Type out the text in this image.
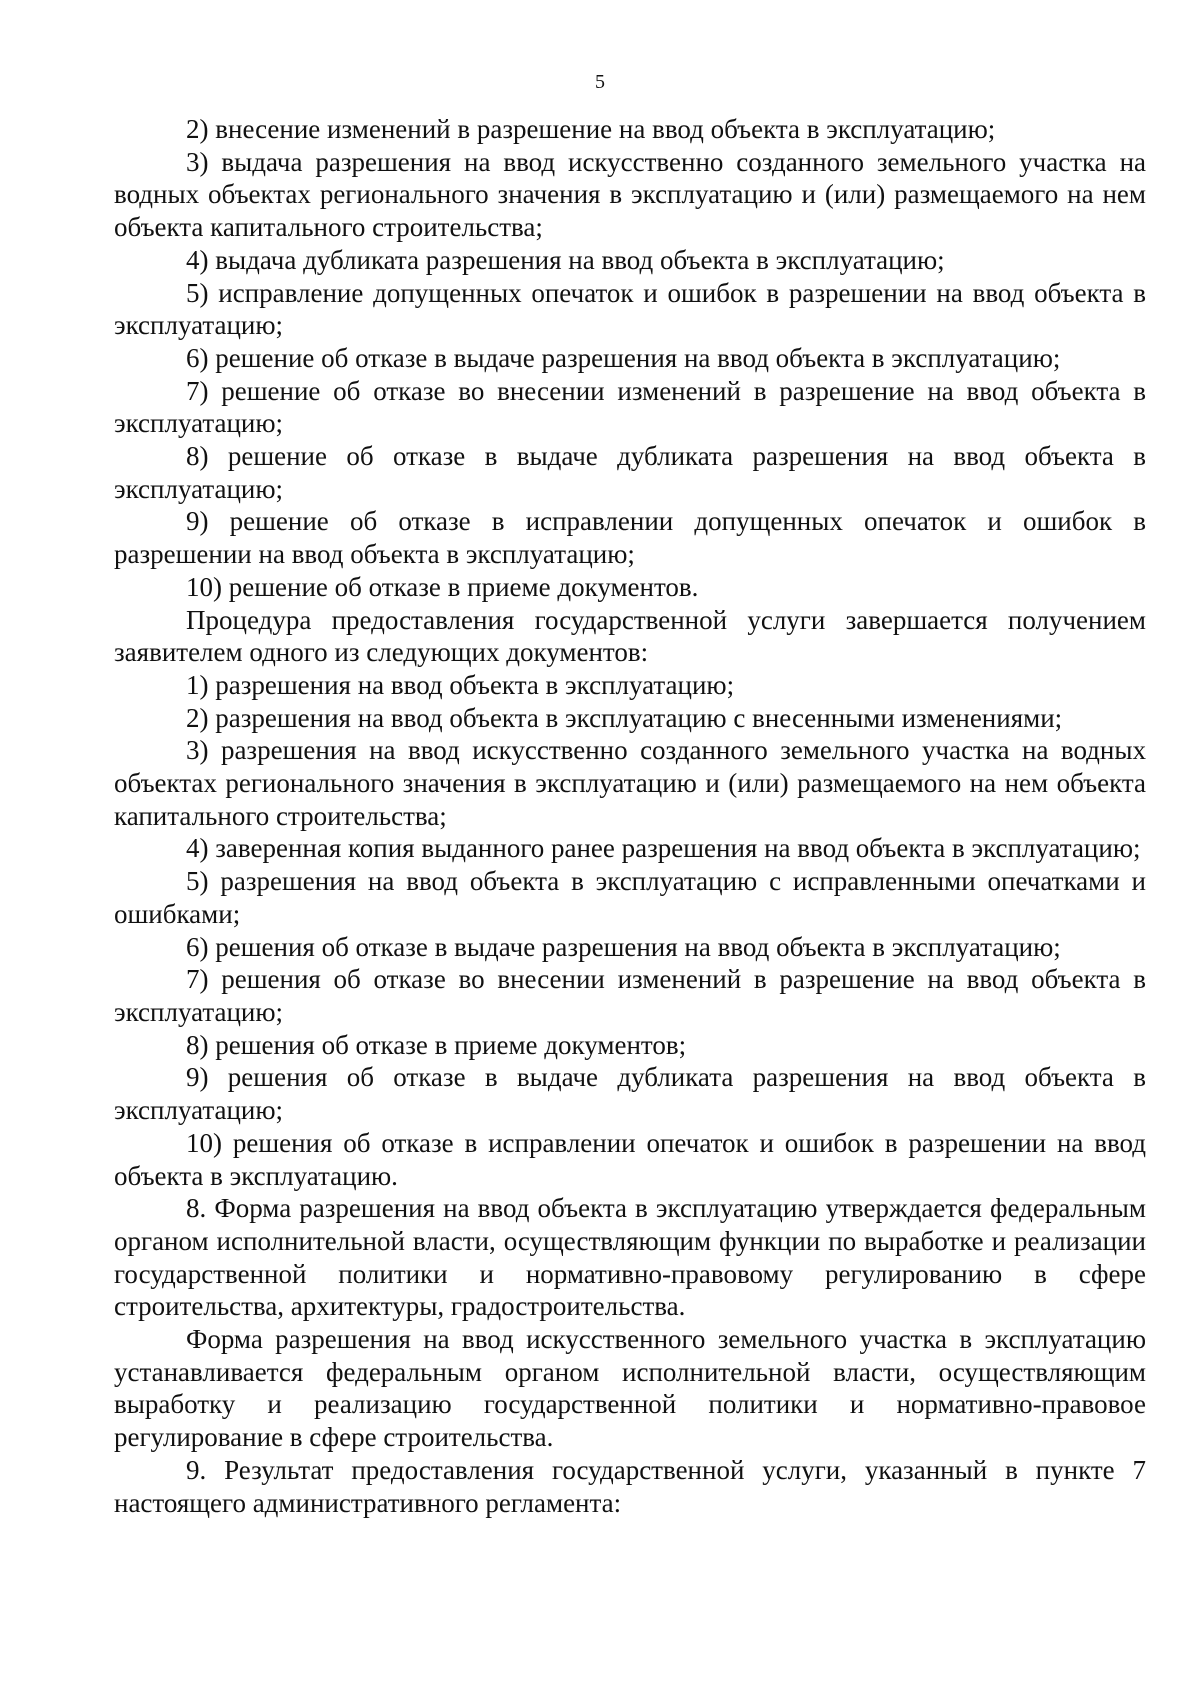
5

2) внесение изменений в разрешение на ввод объекта в эксплуатацию;

3) выдача разрешения на ввод искусственно созданного земельного участка на водных объектах регионального значения в эксплуатацию и (или) размещаемого на нем объекта капитального строительства;

4) выдача дубликата разрешения на ввод объекта в эксплуатацию;

5) исправление допущенных опечаток и ошибок в разрешении на ввод объекта в эксплуатацию;

6) решение об отказе в выдаче разрешения на ввод объекта в эксплуатацию;

7) решение об отказе во внесении изменений в разрешение на ввод объекта в эксплуатацию;

8) решение об отказе в выдаче дубликата разрешения на ввод объекта в эксплуатацию;

9) решение об отказе в исправлении допущенных опечаток и ошибок в разрешении на ввод объекта в эксплуатацию;

10) решение об отказе в приеме документов.

Процедура предоставления государственной услуги завершается получением заявителем одного из следующих документов:

1) разрешения на ввод объекта в эксплуатацию;

2) разрешения на ввод объекта в эксплуатацию с внесенными изменениями;

3) разрешения на ввод искусственно созданного земельного участка на водных объектах регионального значения в эксплуатацию и (или) размещаемого на нем объекта капитального строительства;

4) заверенная копия выданного ранее разрешения на ввод объекта в эксплуатацию;

5) разрешения на ввод объекта в эксплуатацию с исправленными опечатками и ошибками;

6) решения об отказе в выдаче разрешения на ввод объекта в эксплуатацию;

7) решения об отказе во внесении изменений в разрешение на ввод объекта в эксплуатацию;

8) решения об отказе в приеме документов;

9) решения об отказе в выдаче дубликата разрешения на ввод объекта в эксплуатацию;

10) решения об отказе в исправлении опечаток и ошибок в разрешении на ввод объекта в эксплуатацию.

8. Форма разрешения на ввод объекта в эксплуатацию утверждается федеральным органом исполнительной власти, осуществляющим функции по выработке и реализации государственной политики и нормативно-правовому регулированию в сфере строительства, архитектуры, градостроительства.

Форма разрешения на ввод искусственного земельного участка в эксплуатацию устанавливается федеральным органом исполнительной власти, осуществляющим выработку и реализацию государственной политики и нормативно-правовое регулирование в сфере строительства.

9. Результат предоставления государственной услуги, указанный в пункте 7 настоящего административного регламента:
